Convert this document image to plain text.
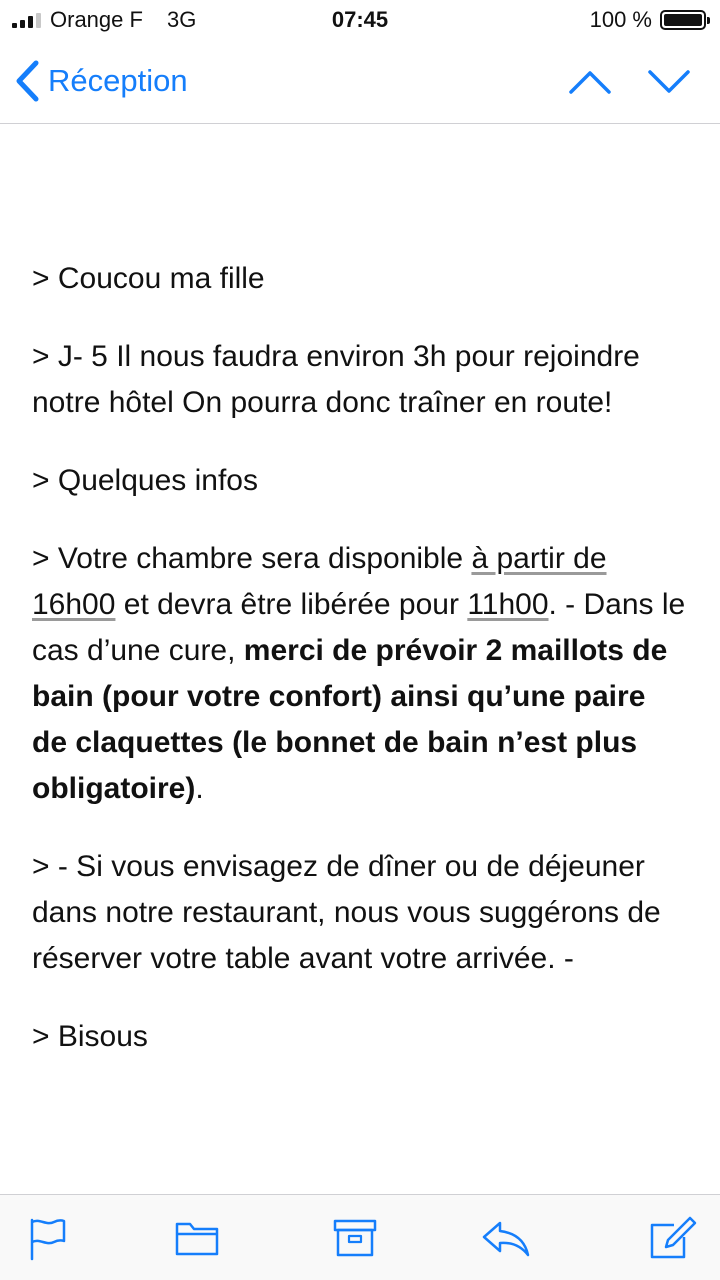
Orange F 3G	07:45	100 %
Réception

> Coucou ma fille

> J- 5 Il nous faudra environ 3h pour rejoindre notre hôtel On pourra donc traîner en route!

> Quelques infos

> Votre chambre sera disponible à partir de 16h00 et devra être libérée pour 11h00. - Dans le cas d’une cure, merci de prévoir 2 maillots de bain (pour votre confort) ainsi qu’une paire de claquettes (le bonnet de bain n’est plus obligatoire).

> - Si vous envisagez de dîner ou de déjeuner dans notre restaurant, nous vous suggérons de réserver votre table avant votre arrivée. -

> Bisous
